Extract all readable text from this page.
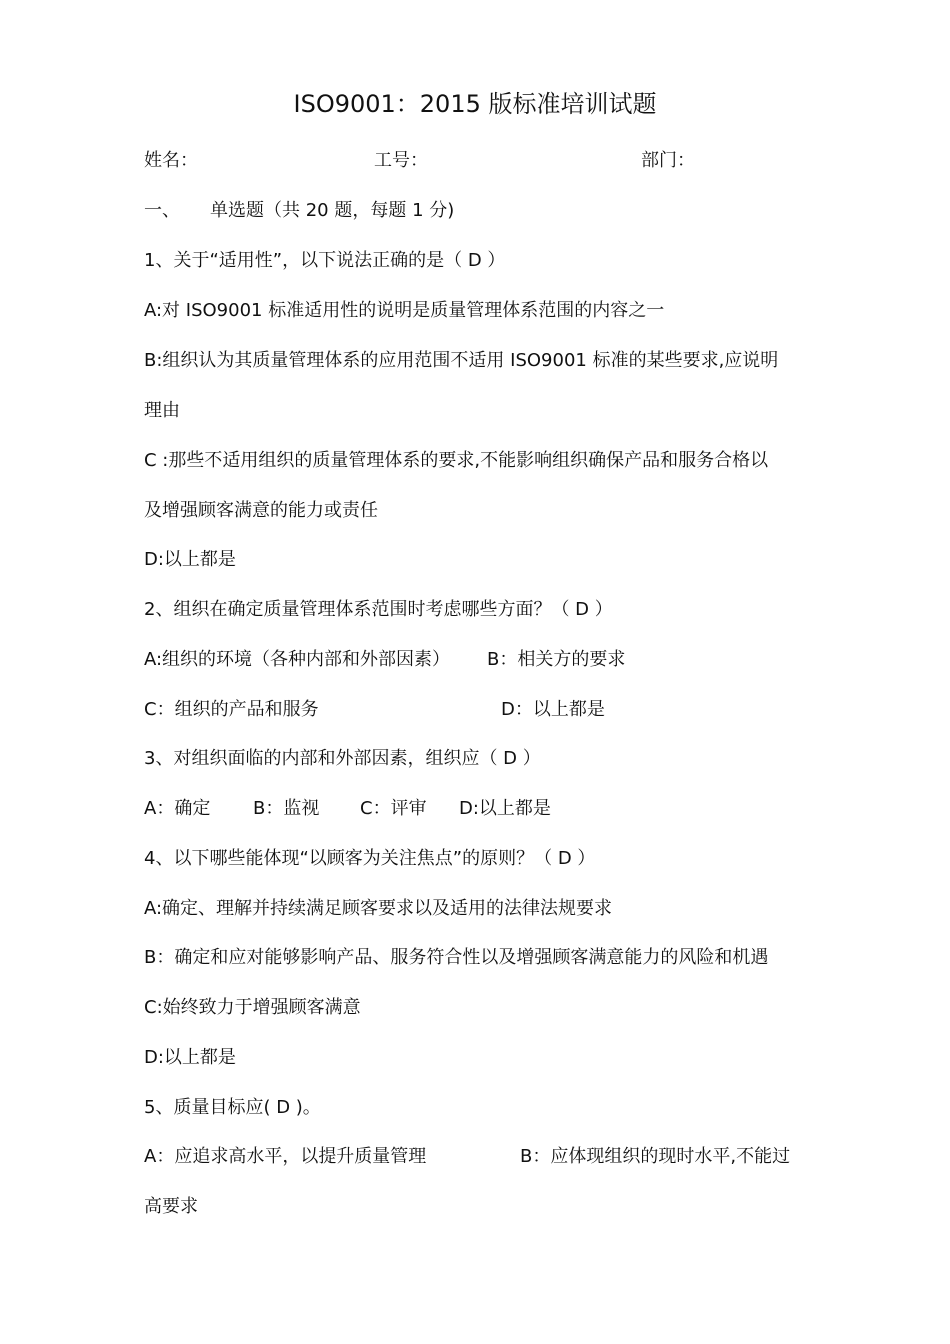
ISO9001：2015 版标准培训试题
姓名：	工号：	部门：
一、 单选题（共 20 题，每题 1 分)
1、关于“适用性”，以下说法正确的是（ D ）
A:对 ISO9001 标准适用性的说明是质量管理体系范围的内容之一
B:组织认为其质量管理体系的应用范围不适用 ISO9001 标准的某些要求,应说明
理由
C :那些不适用组织的质量管理体系的要求,不能影响组织确保产品和服务合格以
及增强顾客满意的能力或责任
D:以上都是
2、组织在确定质量管理体系范围时考虑哪些方面？（ D ）
A:组织的环境（各种内部和外部因素） B：相关方的要求
C：组织的产品和服务	D：以上都是
3、对组织面临的内部和外部因素，组织应（ D ）
A：确定 B：监视 C：评审 D:以上都是
4、以下哪些能体现“以顾客为关注焦点”的原则？（ D ）
A:确定、理解并持续满足顾客要求以及适用的法律法规要求
B：确定和应对能够影响产品、服务符合性以及增强顾客满意能力的风险和机遇
C:始终致力于增强顾客满意
D:以上都是
5、质量目标应( D )。
A：应追求高水平，以提升质量管理	B：应体现组织的现时水平,不能过
高要求
